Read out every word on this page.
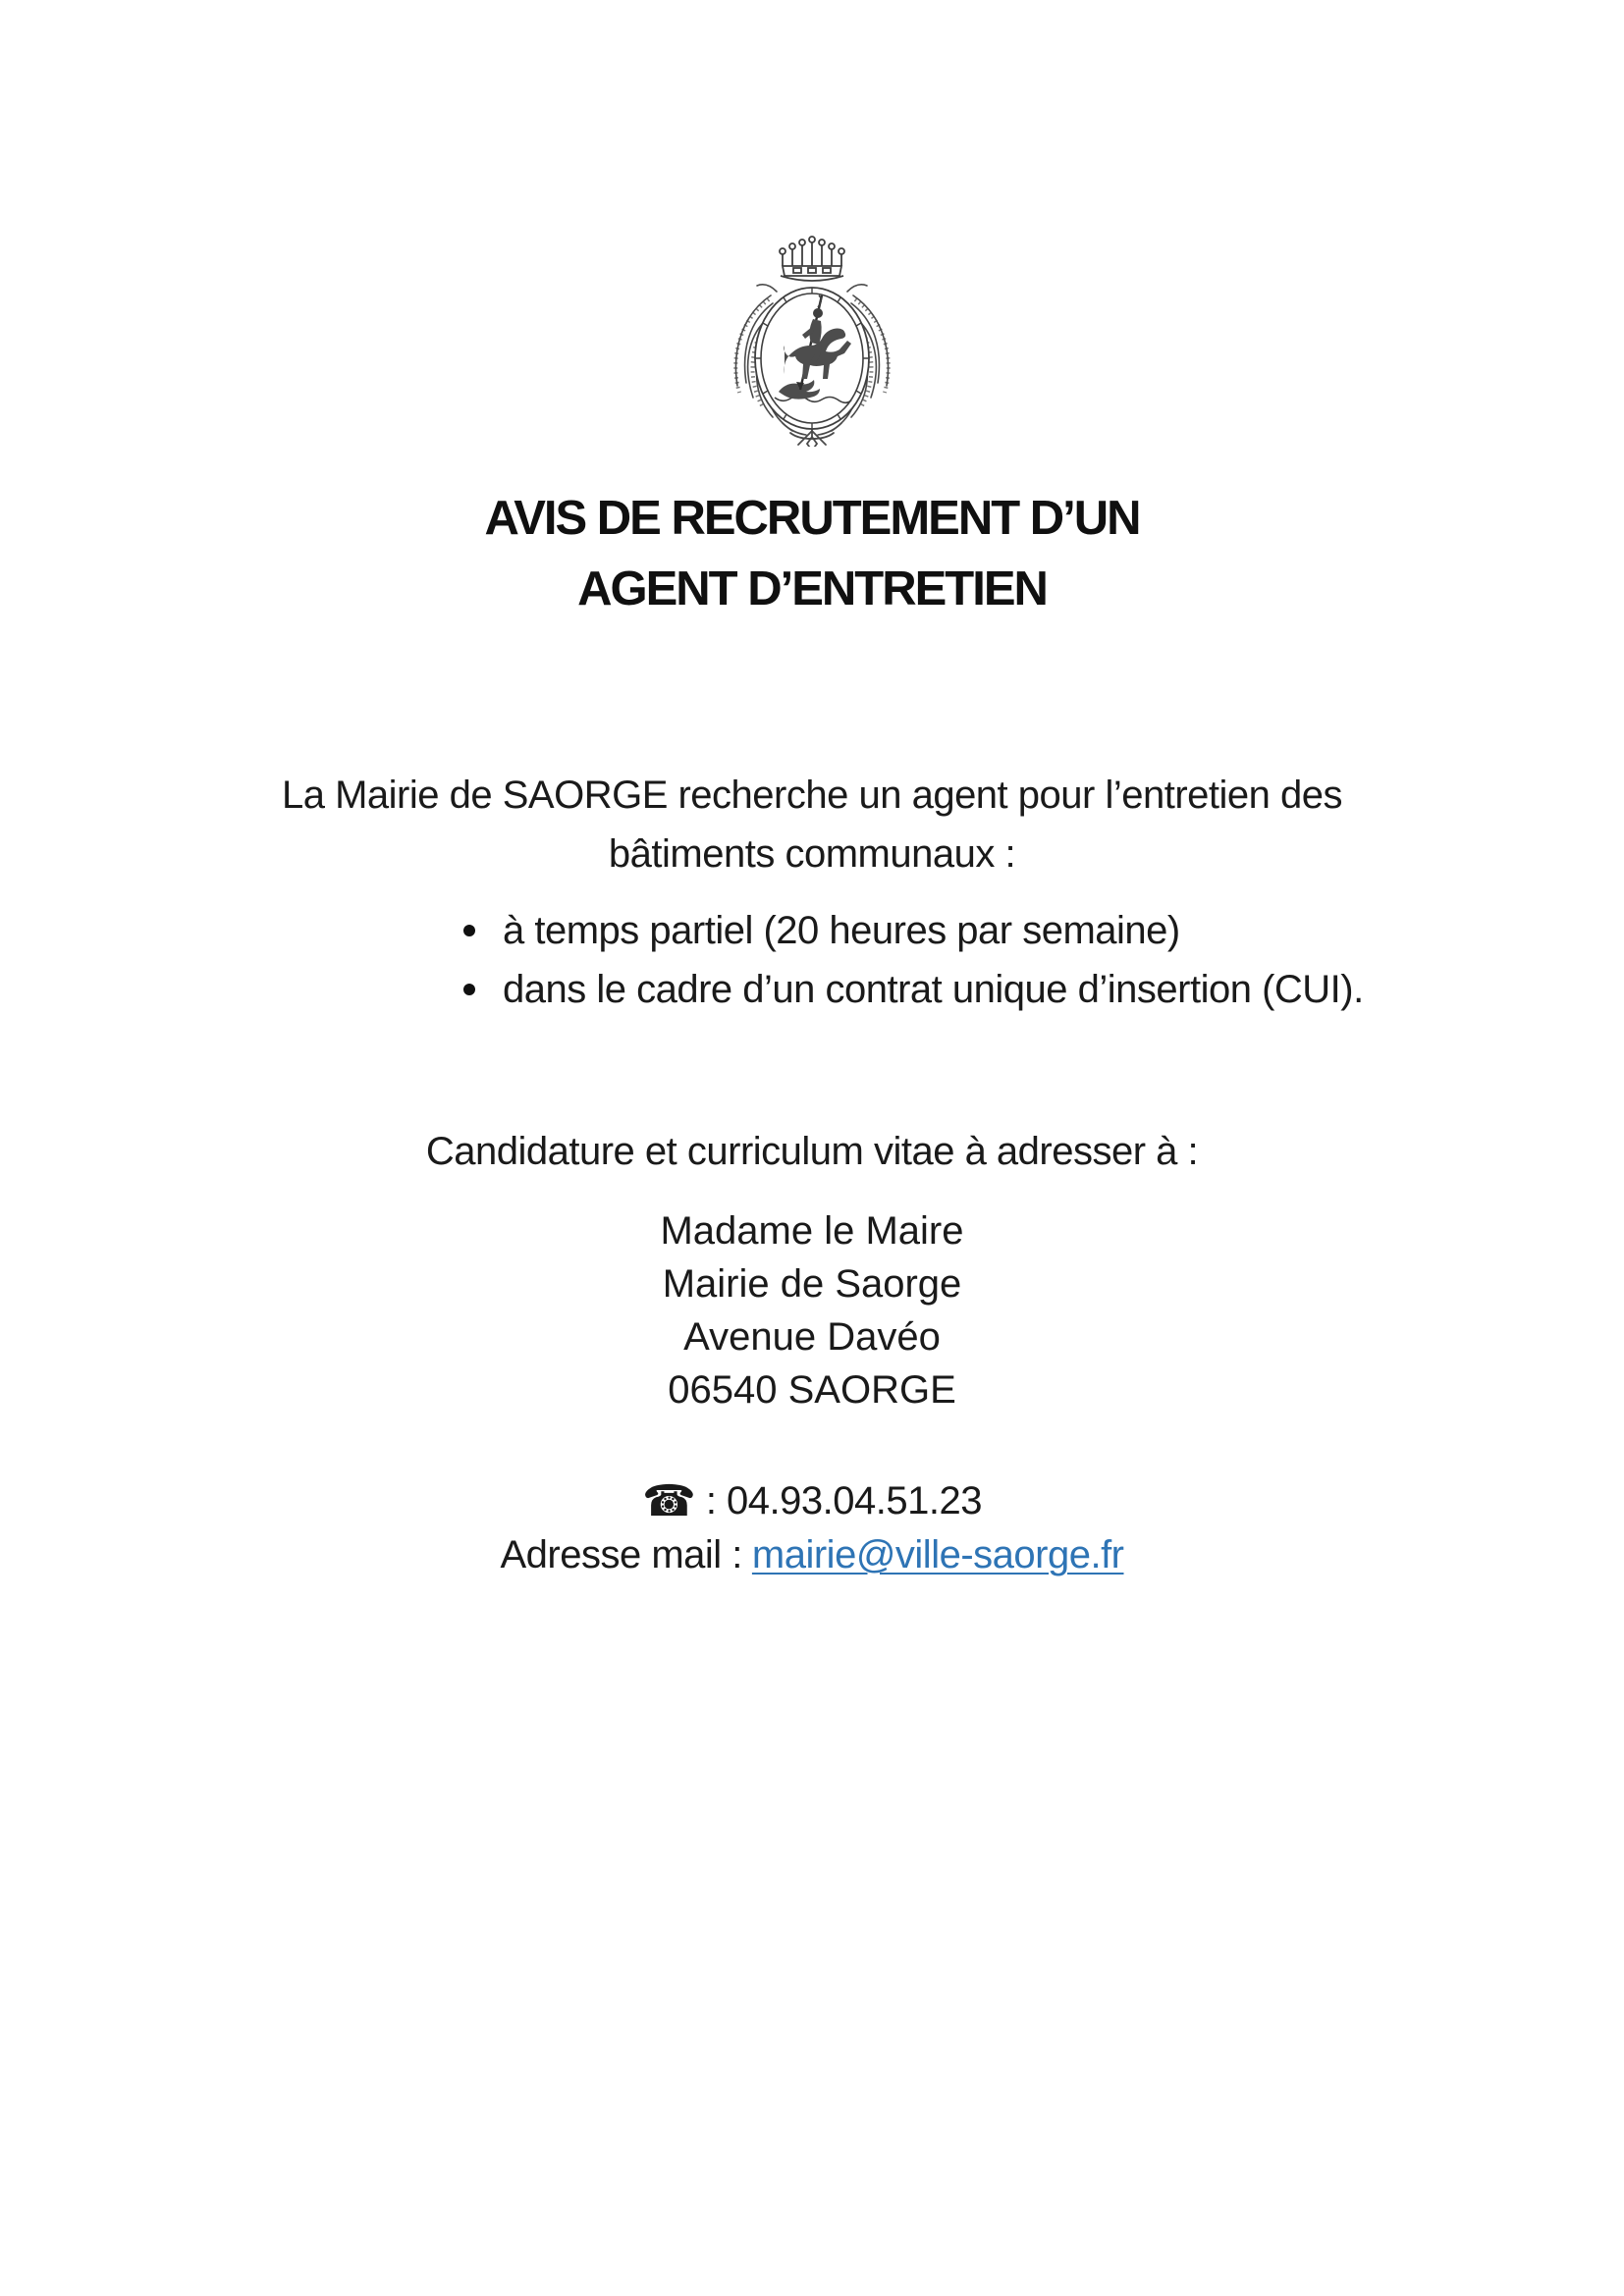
AVIS DE RECRUTEMENT D’UN
AGENT D’ENTRETIEN
La Mairie de SAORGE recherche un agent pour l’entretien des
bâtiments communaux :
à temps partiel (20 heures par semaine)
dans le cadre d’un contrat unique d’insertion (CUI).
Candidature et curriculum vitae à adresser à :
Madame le Maire
Mairie de Saorge
Avenue Davéo
06540 SAORGE
☎ : 04.93.04.51.23
Adresse mail : mairie@ville-saorge.fr
